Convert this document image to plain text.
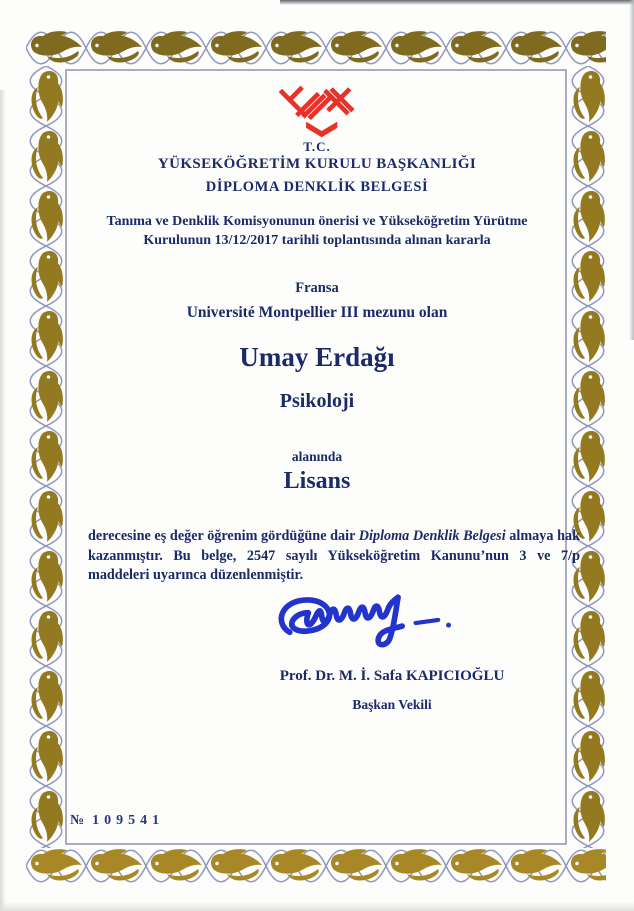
T.C.
YÜKSEKÖĞRETİM KURULU BAŞKANLIĞI
DİPLOMA DENKLİK BELGESİ
Tanıma ve Denklik Komisyonunun önerisi ve Yükseköğretim Yürütme
Kurulunun 13/12/2017 tarihli toplantısında alınan kararla
Fransa
Université Montpellier III mezunu olan
Umay Erdağı
Psikoloji
alanında
Lisans
derecesine eş değer öğrenim gördüğüne dair Diploma Denklik Belgesi almaya hak kazanmıştır. Bu belge, 2547 sayılı Yükseköğretim Kanunu’nun 3 ve 7/p maddeleri uyarınca düzenlenmiştir.
Prof. Dr. M. İ. Safa KAPICIOĞLU
Başkan Vekili
№ 109541
